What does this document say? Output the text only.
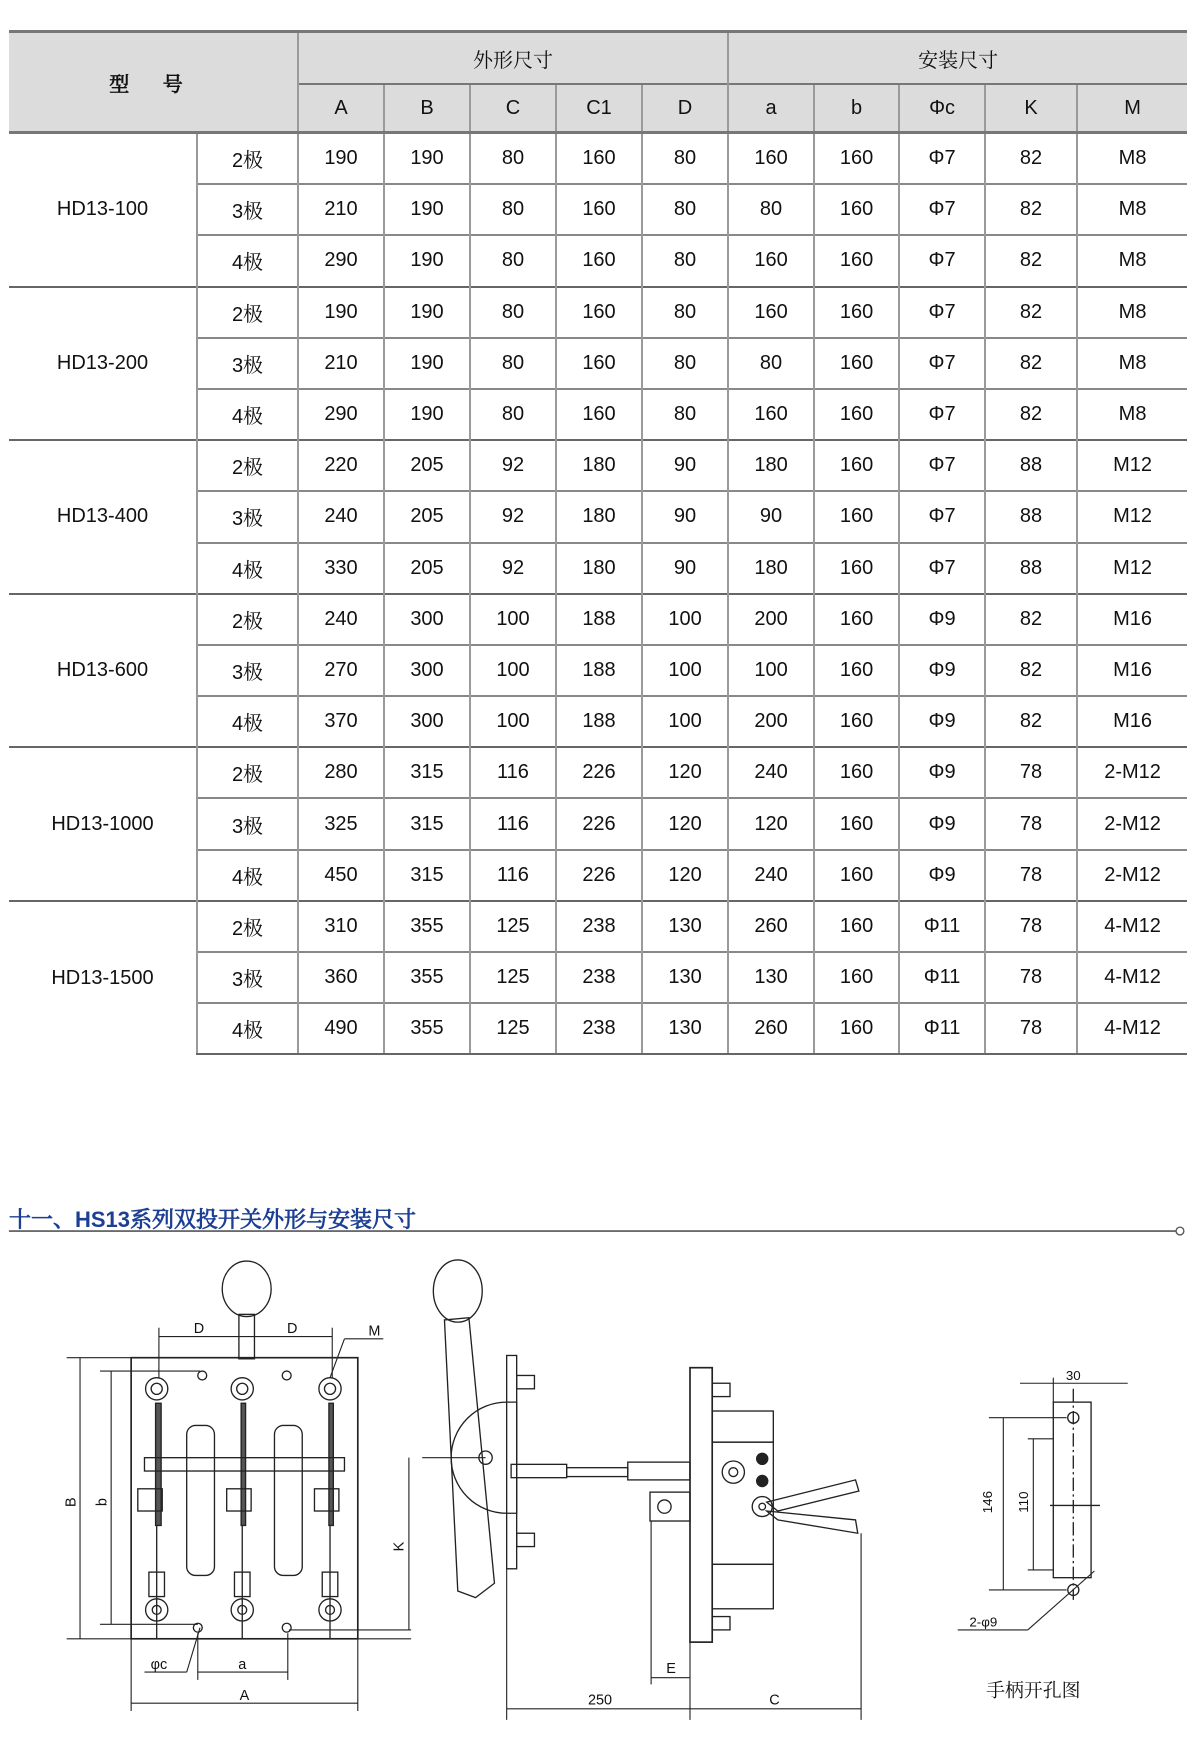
型 号		外形尺寸					安装尺寸				
		A	B	C	C1	D	a	b	Φc	K	M
HD13-100	2极	190	190	80	160	80	160	160	Φ7	82	M8
	3极	210	190	80	160	80	80	160	Φ7	82	M8
	4极	290	190	80	160	80	160	160	Φ7	82	M8
HD13-200	2极	190	190	80	160	80	160	160	Φ7	82	M8
	3极	210	190	80	160	80	80	160	Φ7	82	M8
	4极	290	190	80	160	80	160	160	Φ7	82	M8
HD13-400	2极	220	205	92	180	90	180	160	Φ7	88	M12
	3极	240	205	92	180	90	90	160	Φ7	88	M12
	4极	330	205	92	180	90	180	160	Φ7	88	M12
HD13-600	2极	240	300	100	188	100	200	160	Φ9	82	M16
	3极	270	300	100	188	100	100	160	Φ9	82	M16
	4极	370	300	100	188	100	200	160	Φ9	82	M16
HD13-1000	2极	280	315	116	226	120	240	160	Φ9	78	2-M12
	3极	325	315	116	226	120	120	160	Φ9	78	2-M12
	4极	450	315	116	226	120	240	160	Φ9	78	2-M12
HD13-1500	2极	310	355	125	238	130	260	160	Φ11	78	4-M12
	3极	360	355	125	238	130	130	160	Φ11	78	4-M12
	4极	490	355	125	238	130	260	160	Φ11	78	4-M12
十一、HS13系列双投开关外形与安装尺寸
D	D	M
B b
K
φc	a
A
E
250	C
30
146 110
2-φ9
手柄开孔图
